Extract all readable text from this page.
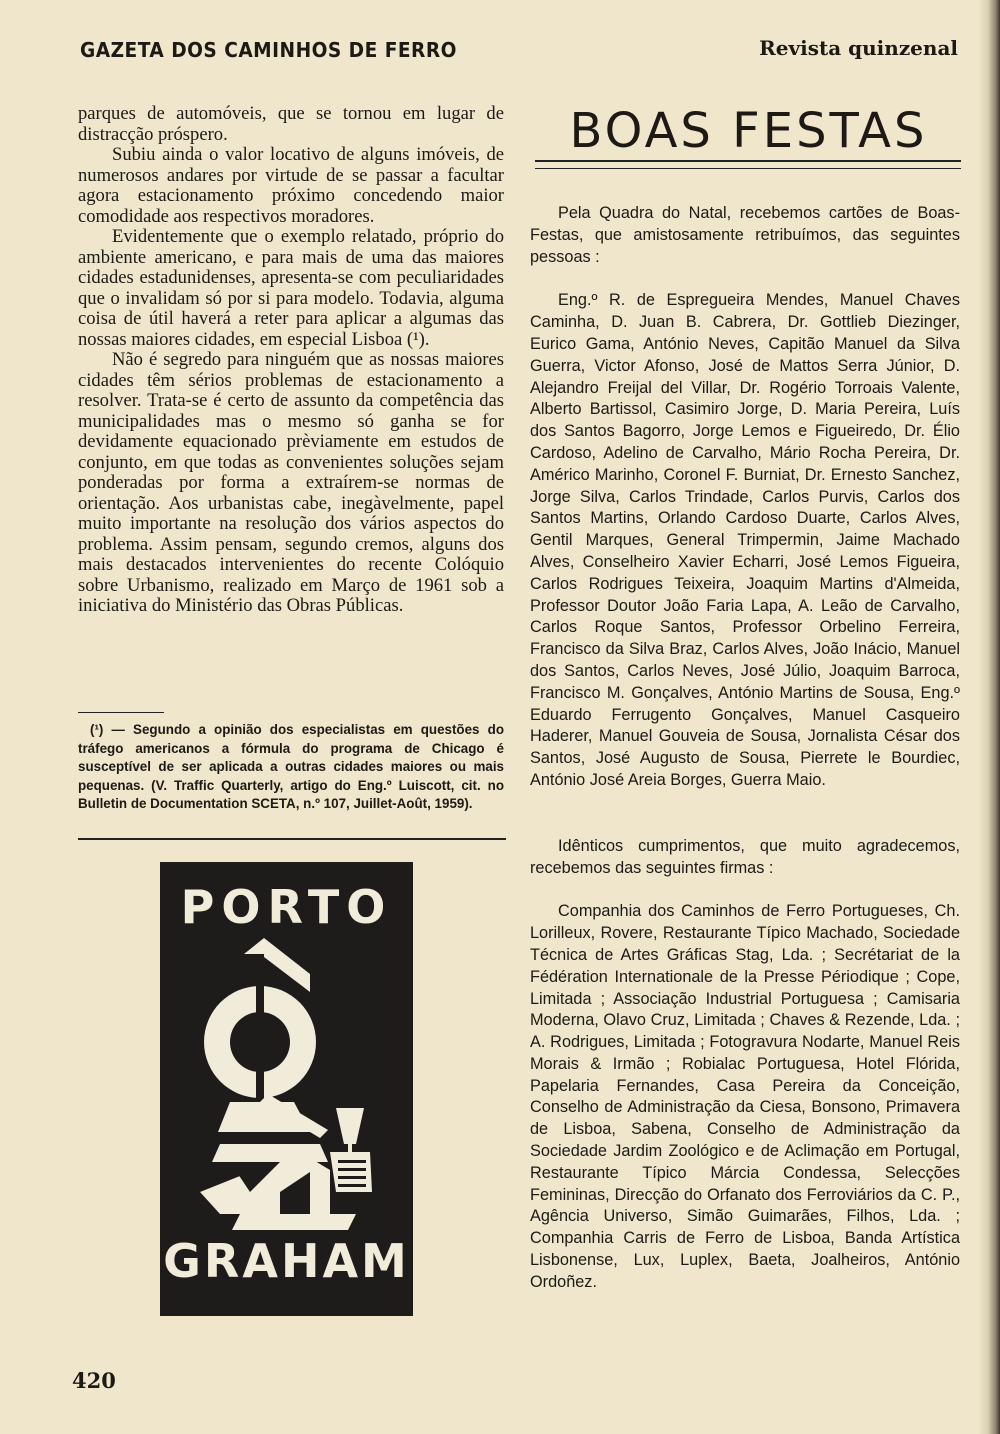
GAZETA DOS CAMINHOS DE FERRO	Revista quinzenal

parques de automóveis, que se tornou em lugar de distracção próspero.

Subiu ainda o valor locativo de alguns imóveis, de numerosos andares por virtude de se passar a facultar agora estacionamento próximo concedendo maior comodidade aos respectivos moradores.

Evidentemente que o exemplo relatado, próprio do ambiente americano, e para mais de uma das maiores cidades estadunidenses, apresenta-se com peculiaridades que o invalidam só por si para modelo. Todavia, alguma coisa de útil haverá a reter para aplicar a algumas das nossas maiores cidades, em especial Lisboa (¹).

Não é segredo para ninguém que as nossas maiores cidades têm sérios problemas de estacionamento a resolver. Trata-se é certo de assunto da competência das municipalidades mas o mesmo só ganha se for devidamente equacionado prèviamente em estudos de conjunto, em que todas as convenientes soluções sejam ponderadas por forma a extraírem-se normas de orientação. Aos urbanistas cabe, inegàvelmente, papel muito importante na resolução dos vários aspectos do problema. Assim pensam, segundo cremos, alguns dos mais destacados intervenientes do recente Colóquio sobre Urbanismo, realizado em Março de 1961 sob a iniciativa do Ministério das Obras Públicas.

(¹) — Segundo a opinião dos especialistas em questões do tráfego americanos a fórmula do programa de Chicago é susceptível de ser aplicada a outras cidades maiores ou mais pequenas. (V. Traffic Quarterly, artigo do Eng.º Luiscott, cit. no Bulletin de Documentation SCETA, n.º 107, Juillet-Août, 1959).
PORTO
GRAHAM
420
BOAS FESTAS

Pela Quadra do Natal, recebemos cartões de Boas-Festas, que amistosamente retribuímos, das seguintes pessoas :

Eng.º R. de Espregueira Mendes, Manuel Chaves Caminha, D. Juan B. Cabrera, Dr. Gottlieb Diezinger, Eurico Gama, António Neves, Capitão Manuel da Silva Guerra, Victor Afonso, José de Mattos Serra Júnior, D. Alejandro Freijal del Villar, Dr. Rogério Torroais Valente, Alberto Bartissol, Casimiro Jorge, D. Maria Pereira, Luís dos Santos Bagorro, Jorge Lemos e Figueiredo, Dr. Élio Cardoso, Adelino de Carvalho, Mário Rocha Pereira, Dr. Américo Marinho, Coronel F. Burniat, Dr. Ernesto Sanchez, Jorge Silva, Carlos Trindade, Carlos Purvis, Carlos dos Santos Martins, Orlando Cardoso Duarte, Carlos Alves, Gentil Marques, General Trimpermin, Jaime Machado Alves, Conselheiro Xavier Echarri, José Lemos Figueira, Carlos Rodrigues Teixeira, Joaquim Martins d'Almeida, Professor Doutor João Faria Lapa, A. Leão de Carvalho, Carlos Roque Santos, Professor Orbelino Ferreira, Francisco da Silva Braz, Carlos Alves, João Inácio, Manuel dos Santos, Carlos Neves, José Júlio, Joaquim Barroca, Francisco M. Gonçalves, António Martins de Sousa, Eng.º Eduardo Ferrugento Gonçalves, Manuel Casqueiro Haderer, Manuel Gouveia de Sousa, Jornalista César dos Santos, José Augusto de Sousa, Pierrete le Bourdiec, António José Areia Borges, Guerra Maio.

Idênticos cumprimentos, que muito agradecemos, recebemos das seguintes firmas :

Companhia dos Caminhos de Ferro Portugueses, Ch. Lorilleux, Rovere, Restaurante Típico Machado, Sociedade Técnica de Artes Gráficas Stag, Lda. ; Secrétariat de la Fédération Internationale de la Presse Périodique ; Cope, Limitada ; Associação Industrial Portuguesa ; Camisaria Moderna, Olavo Cruz, Limitada ; Chaves & Rezende, Lda. ; A. Rodrigues, Limitada ; Fotogravura Nodarte, Manuel Reis Morais & Irmão ; Robialac Portuguesa, Hotel Flórida, Papelaria Fernandes, Casa Pereira da Conceição, Conselho de Administração da Ciesa, Bonsono, Primavera de Lisboa, Sabena, Conselho de Administração da Sociedade Jardim Zoológico e de Aclimação em Portugal, Restaurante Típico Márcia Condessa, Selecções Femininas, Direcção do Orfanato dos Ferroviários da C. P., Agência Universo, Simão Guimarães, Filhos, Lda. ; Companhia Carris de Ferro de Lisboa, Banda Artística Lisbonense, Lux, Luplex, Baeta, Joalheiros, António Ordoñez.
